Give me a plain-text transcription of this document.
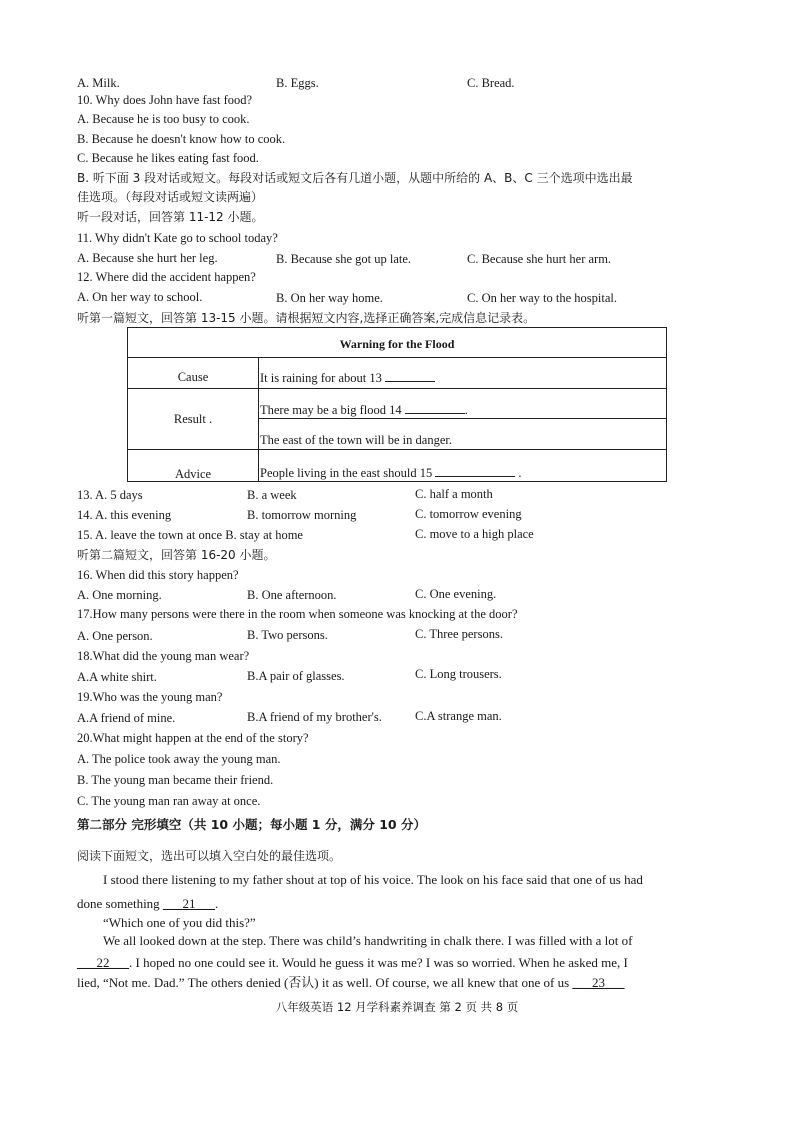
A. Milk.	B. Eggs.	C. Bread.
10. Why does John have fast food?
A. Because he is too busy to cook.
B. Because he doesn't know how to cook.
C. Because he likes eating fast food.
B. 听下面 3 段对话或短文。每段对话或短文后各有几道小题，从题中所给的 A、B、C 三个选项中选出最
佳选项。（每段对话或短文读两遍）
听一段对话，回答第 11-12 小题。
11. Why didn't Kate go to school today?
A. Because she hurt her leg.	B. Because she got up late.	C. Because she hurt her arm.
12. Where did the accident happen?
A. On her way to school.	B. On her way home.	C. On her way to the hospital.
听第一篇短文，回答第 13-15 小题。请根据短文内容,选择正确答案,完成信息记录表。
Warning for the Flood
Cause	It is raining for about 13
Result .
There may be a big flood 14	.
The east of the town will be in danger.
Advice	People living in the east should 15	.
13. A. 5 days	B. a week	C. half a month
14. A. this evening	B. tomorrow morning	C. tomorrow evening
15. A. leave the town at once B. stay at home	C. move to a high place
听第二篇短文，回答第 16-20 小题。
16. When did this story happen?
A. One morning.	B. One afternoon.	C. One evening.
17.How many persons were there in the room when someone was knocking at the door?
A. One person.	B. Two persons.	C. Three persons.
18.What did the young man wear?
A.A white shirt.	B.A pair of glasses.	C. Long trousers.
19.Who was the young man?
A.A friend of mine.	B.A friend of my brother's.	C.A strange man.
20.What might happen at the end of the story?
A. The police took away the young man.
B. The young man became their friend.
C. The young man ran away at once.
第二部分 完形填空（共 10 小题；每小题 1 分，满分 10 分）
阅读下面短文，选出可以填入空白处的最佳选项。
I stood there listening to my father shout at top of his voice. The look on his face said that one of us had
done something ___21___.
“Which one of you did this?”
We all looked down at the step. There was child’s handwriting in chalk there. I was filled with a lot of
___22___. I hoped no one could see it. Would he guess it was me? I was so worried. When he asked me, I
lied, “Not me. Dad.” The others denied (否认) it as well. Of course, we all knew that one of us ___23___
八年级英语 12 月学科素养调查 第 2 页 共 8 页
